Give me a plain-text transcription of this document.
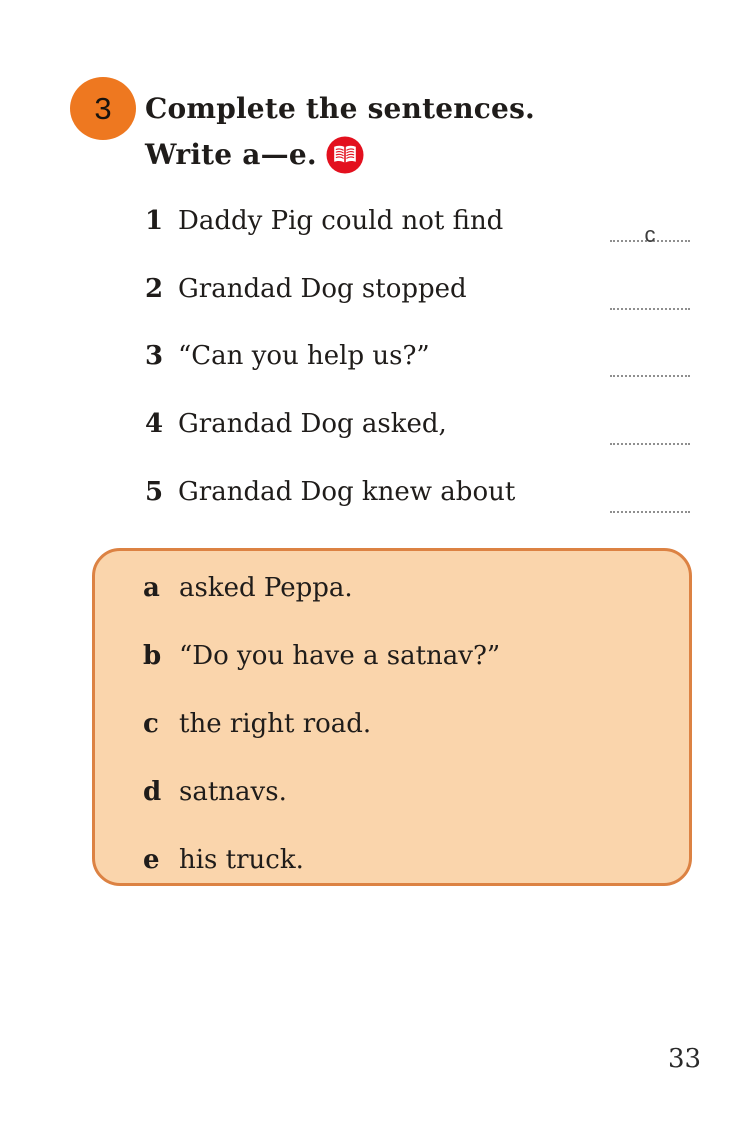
3 Complete the sentences.
Write a—e.
1 Daddy Pig could not find	c
2 Grandad Dog stopped
3 “Can you help us?”
4 Grandad Dog asked,
5 Grandad Dog knew about
a asked Peppa.
b “Do you have a satnav?”
c the right road.
d satnavs.
e his truck.
33
